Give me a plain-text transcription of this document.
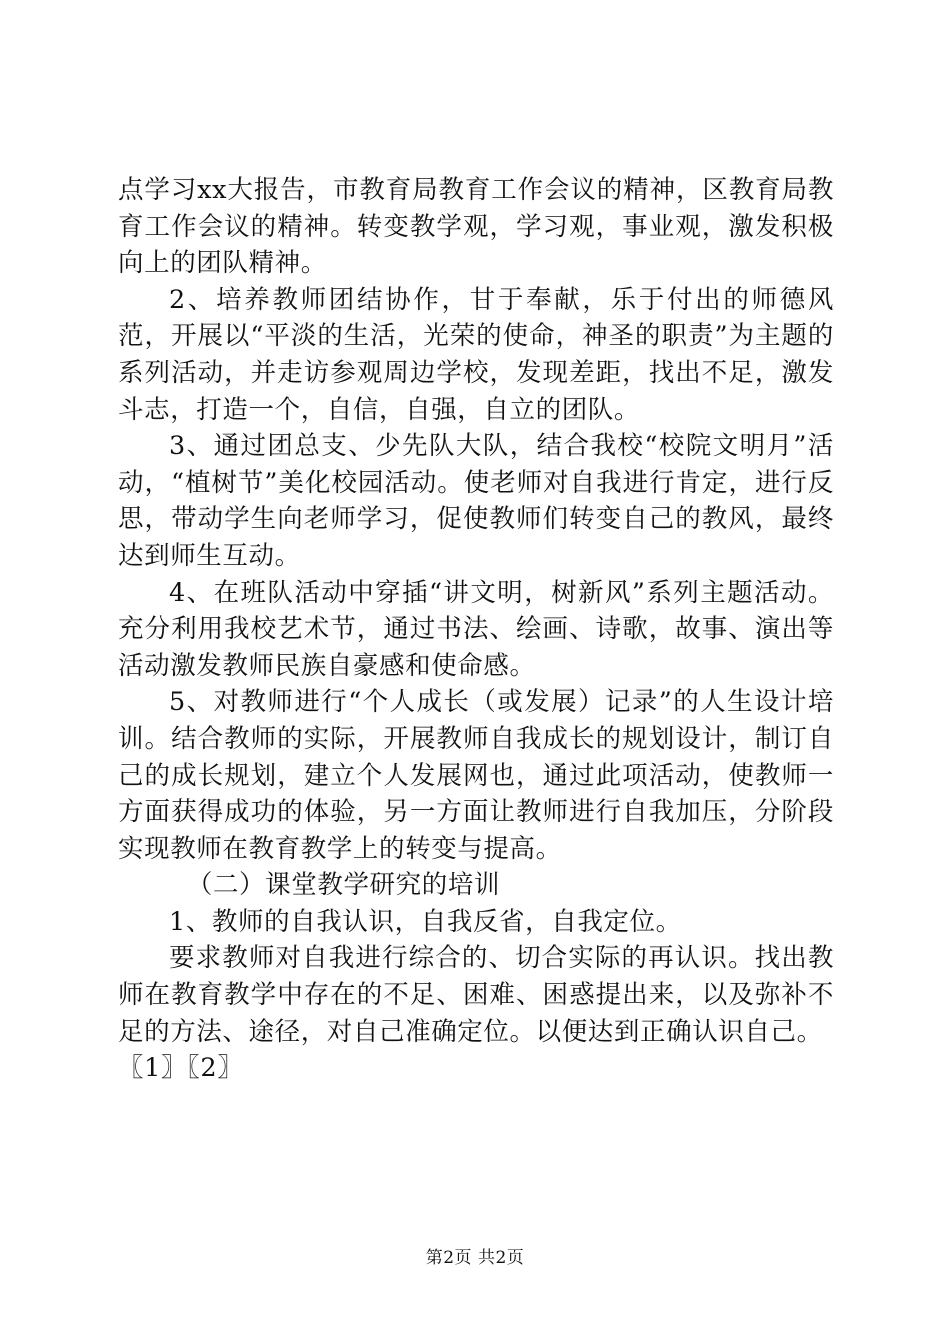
点学习xx大报告，市教育局教育工作会议的精神，区教育局教育工作会议的精神。转变教学观，学习观，事业观，激发积极向上的团队精神。

2、培养教师团结协作，甘于奉献，乐于付出的师德风范，开展以“平淡的生活，光荣的使命，神圣的职责”为主题的系列活动，并走访参观周边学校，发现差距，找出不足，激发斗志，打造一个，自信，自强，自立的团队。

3、通过团总支、少先队大队，结合我校“校院文明月”活动，“植树节”美化校园活动。使老师对自我进行肯定，进行反思，带动学生向老师学习，促使教师们转变自己的教风，最终达到师生互动。

4、在班队活动中穿插“讲文明，树新风”系列主题活动。充分利用我校艺术节，通过书法、绘画、诗歌，故事、演出等活动激发教师民族自豪感和使命感。

5、对教师进行“个人成长（或发展）记录”的人生设计培训。结合教师的实际，开展教师自我成长的规划设计，制订自己的成长规划，建立个人发展网也，通过此项活动，使教师一方面获得成功的体验，另一方面让教师进行自我加压，分阶段实现教师在教育教学上的转变与提高。

（二）课堂教学研究的培训

1、教师的自我认识，自我反省，自我定位。

要求教师对自我进行综合的、切合实际的再认识。找出教师在教育教学中存在的不足、困难、困惑提出来，以及弥补不足的方法、途径，对自己准确定位。以便达到正确认识自己。

〖1〗〖2〗

第2页 共2页
